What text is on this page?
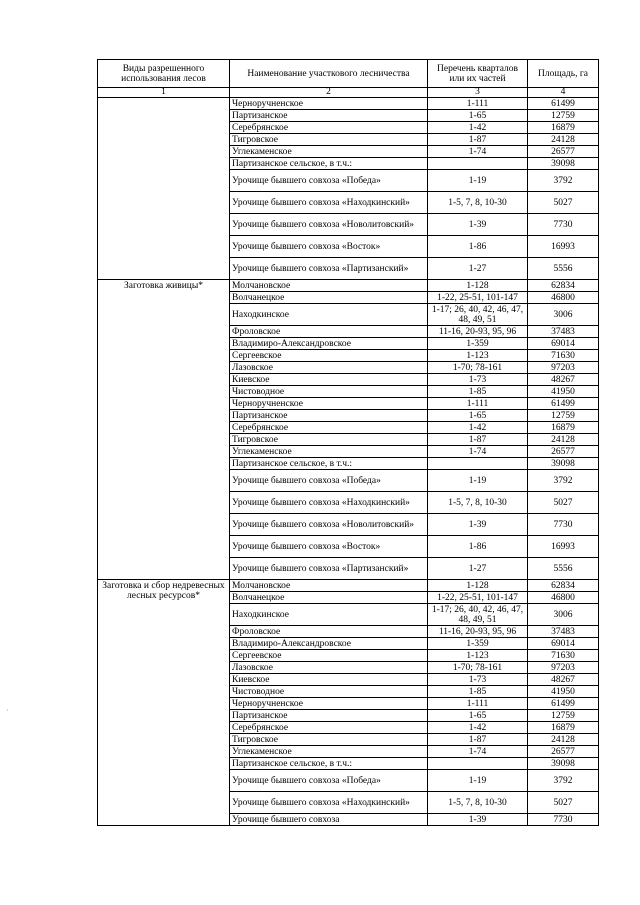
Виды разрешенного использования лесов	Наименование участкового лесничества	Перечень кварталов или их частей	Площадь, га
1	2	3	4
	Черноручненское	1-111	61499
	Партизанское	1-65	12759
	Серебрянское	1-42	16879
	Тигровское	1-87	24128
	Углекаменское	1-74	26577
	Партизанское сельское, в т.ч.:		39098
	Урочище бывшего совхоза «Победа»	1-19	3792
	Урочище бывшего совхоза «Находкинский»	1-5, 7, 8, 10-30	5027
	Урочище бывшего совхоза «Новолитовский»	1-39	7730
	Урочище бывшего совхоза «Восток»	1-86	16993
	Урочище бывшего совхоза «Партизанский»	1-27	5556
Заготовка живицы*	Молчановское	1-128	62834
	Волчанецкое	1-22, 25-51, 101-147	46800
	Находкинское	1-17; 26, 40, 42, 46, 47, 48, 49, 51	3006
	Фроловское	11-16, 20-93, 95, 96	37483
	Владимиро-Александровское	1-359	69014
	Сергеевское	1-123	71630
	Лазовское	1-70; 78-161	97203
	Киевское	1-73	48267
	Чистоводное	1-85	41950
	Черноручненское	1-111	61499
	Партизанское	1-65	12759
	Серебрянское	1-42	16879
	Тигровское	1-87	24128
	Углекаменское	1-74	26577
	Партизанское сельское, в т.ч.:		39098
	Урочище бывшего совхоза «Победа»	1-19	3792
	Урочище бывшего совхоза «Находкинский»	1-5, 7, 8, 10-30	5027
	Урочище бывшего совхоза «Новолитовский»	1-39	7730
	Урочище бывшего совхоза «Восток»	1-86	16993
	Урочище бывшего совхоза «Партизанский»	1-27	5556
Заготовка и сбор недревесных лесных ресурсов*	Молчановское	1-128	62834
	Волчанецкое	1-22, 25-51, 101-147	46800
	Находкинское	1-17; 26, 40, 42, 46, 47, 48, 49, 51	3006
	Фроловское	11-16, 20-93, 95, 96	37483
	Владимиро-Александровское	1-359	69014
	Сергеевское	1-123	71630
	Лазовское	1-70; 78-161	97203
	Киевское	1-73	48267
	Чистоводное	1-85	41950
	Черноручненское	1-111	61499
	Партизанское	1-65	12759
	Серебрянское	1-42	16879
	Тигровское	1-87	24128
	Углекаменское	1-74	26577
	Партизанское сельское, в т.ч.:		39098
	Урочище бывшего совхоза «Победа»	1-19	3792
	Урочище бывшего совхоза «Находкинский»	1-5, 7, 8, 10-30	5027
	Урочище бывшего совхоза	1-39	7730
·
